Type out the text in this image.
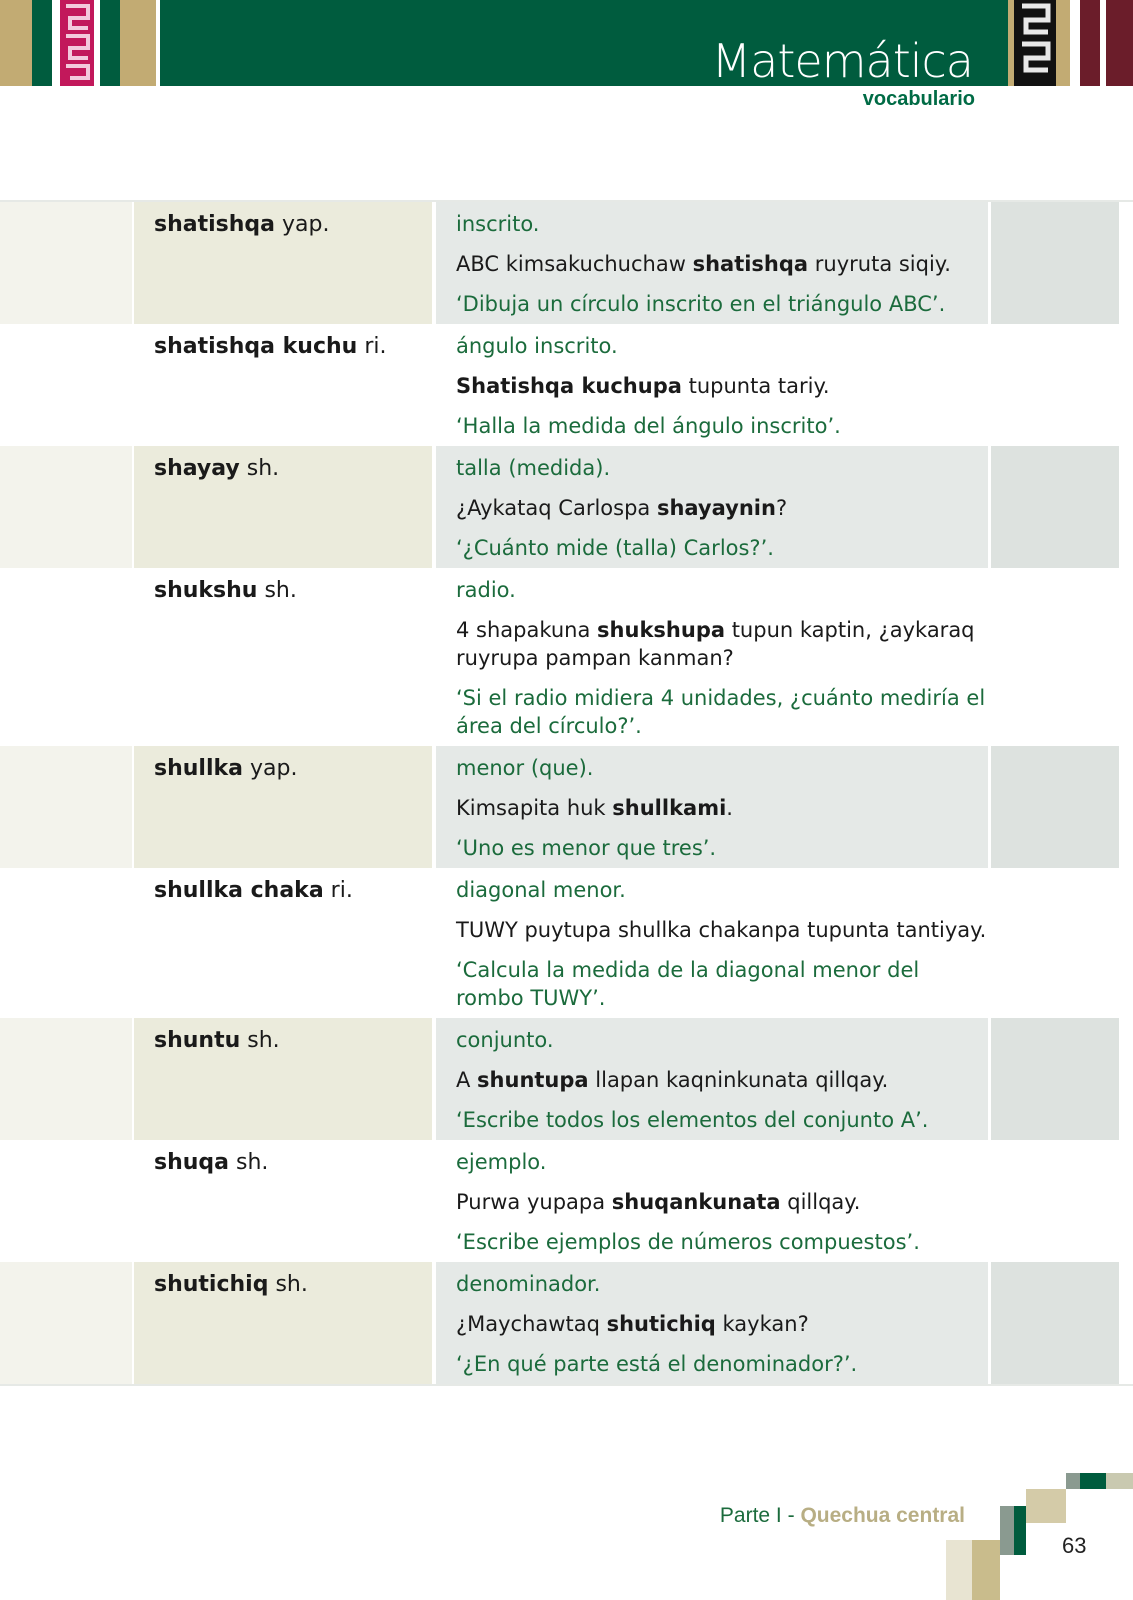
Matemática
vocabulario
shatishqa yap.	inscrito.
ABC kimsakuchuchaw shatishqa ruyruta siqiy.
‘Dibuja un círculo inscrito en el triángulo ABC’.
shatishqa kuchu ri.	ángulo inscrito.
Shatishqa kuchupa tupunta tariy.
‘Halla la medida del ángulo inscrito’.
shayay sh.	talla (medida).
¿Aykataq Carlospa shayaynin?
‘¿Cuánto mide (talla) Carlos?’.
shukshu sh.	radio.
4 shapakuna shukshupa tupun kaptin, ¿aykaraq ruyrupa pampan kanman?
‘Si el radio midiera 4 unidades, ¿cuánto mediría el área del círculo?’.
shullka yap.	menor (que).
Kimsapita huk shullkami.
‘Uno es menor que tres’.
shullka chaka ri.	diagonal menor.
TUWY puytupa shullka chakanpa tupunta tantiyay.
‘Calcula la medida de la diagonal menor del rombo TUWY’.
shuntu sh.	conjunto.
A shuntupa llapan kaqninkunata qillqay.
‘Escribe todos los elementos del conjunto A’.
shuqa sh.	ejemplo.
Purwa yupapa shuqankunata qillqay.
‘Escribe ejemplos de números compuestos’.
shutichiq sh.	denominador.
¿Maychawtaq shutichiq kaykan?
‘¿En qué parte está el denominador?’.
Parte I - Quechua central
63
